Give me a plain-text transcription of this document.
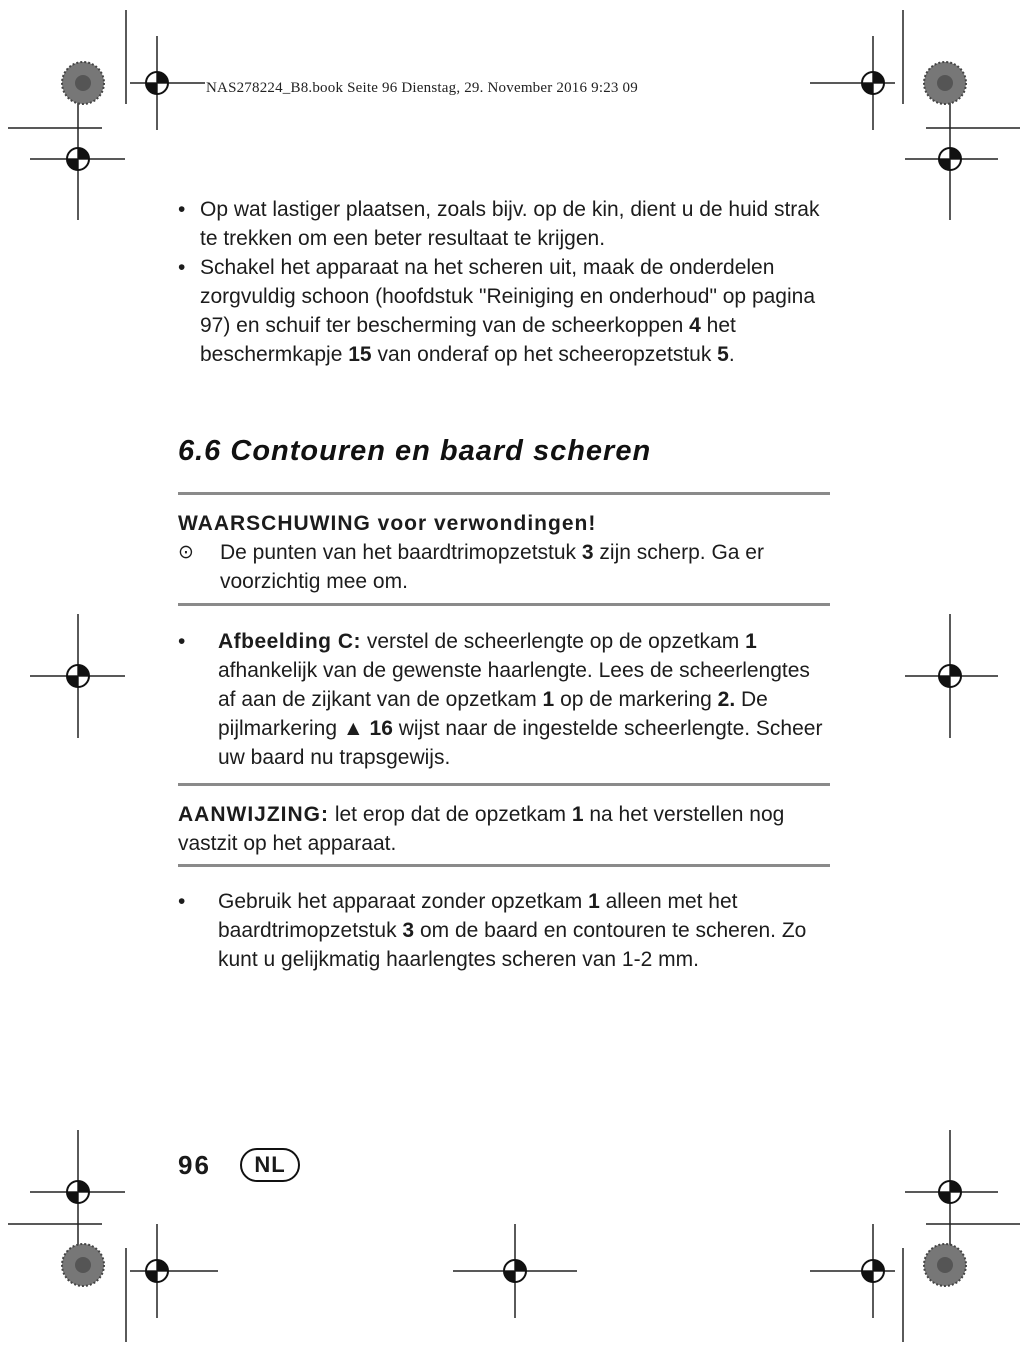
NAS278224_B8.book Seite 96 Dienstag, 29. November 2016 9:23 09

• Op wat lastiger plaatsen, zoals bijv. op de kin, dient u de huid strak te trekken om een beter resultaat te krijgen.

• Schakel het apparaat na het scheren uit, maak de onderdelen zorgvuldig schoon (hoofdstuk "Reiniging en onderhoud" op pagina 97) en schuif ter bescherming van de scheerkoppen 4 het beschermkapje 15 van onderaf op het scheeropzetstuk 5.

6.6 Contouren en baard scheren
WAARSCHUWING voor verwondingen!
⊙ De punten van het baardtrimopzetstuk 3 zijn scherp. Ga er voorzichtig mee om.

• Afbeelding C: verstel de scheerlengte op de opzetkam 1 afhankelijk van de gewenste haarlengte. Lees de scheerlengtes af aan de zijkant van de opzetkam 1 op de markering 2. De pijlmarkering ▲ 16 wijst naar de ingestelde scheerlengte. Scheer uw baard nu trapsgewijs.

AANWIJZING: let erop dat de opzetkam 1 na het verstellen nog vastzit op het apparaat.

• Gebruik het apparaat zonder opzetkam 1 alleen met het baardtrimopzetstuk 3 om de baard en contouren te scheren. Zo kunt u gelijkmatig haarlengtes scheren van 1-2 mm.

96	NL
